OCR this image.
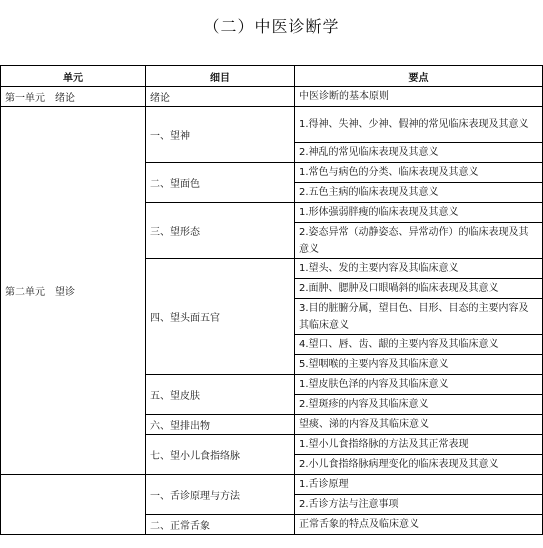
（二）中医诊断学
单元	细目	要点
第一单元　绪论	绪论	中医诊断的基本原则
第二单元　望诊	一、望神	1.得神、失神、少神、假神的常见临床表现及其意义
		2.神乱的常见临床表现及其意义
	二、望面色	1.常色与病色的分类、临床表现及其意义
		2.五色主病的临床表现及其意义
	三、望形态	1.形体强弱胖瘦的临床表现及其意义
		2.姿态异常（动静姿态、异常动作）的临床表现及其意义
	四、望头面五官	1.望头、发的主要内容及其临床意义
		2.面肿、腮肿及口眼喎斜的临床表现及其意义
		3.目的脏腑分属，望目色、目形、目态的主要内容及其临床意义
		4.望口、唇、齿、龈的主要内容及其临床意义
		5.望咽喉的主要内容及其临床意义
	五、望皮肤	1.望皮肤色泽的内容及其临床意义
		2.望斑疹的内容及其临床意义
	六、望排出物	望痰、涕的内容及其临床意义
	七、望小儿食指络脉	1.望小儿食指络脉的方法及其正常表现
		2.小儿食指络脉病理变化的临床表现及其意义
	一、舌诊原理与方法	1.舌诊原理
		2.舌诊方法与注意事项
	二、正常舌象	正常舌象的特点及临床意义
